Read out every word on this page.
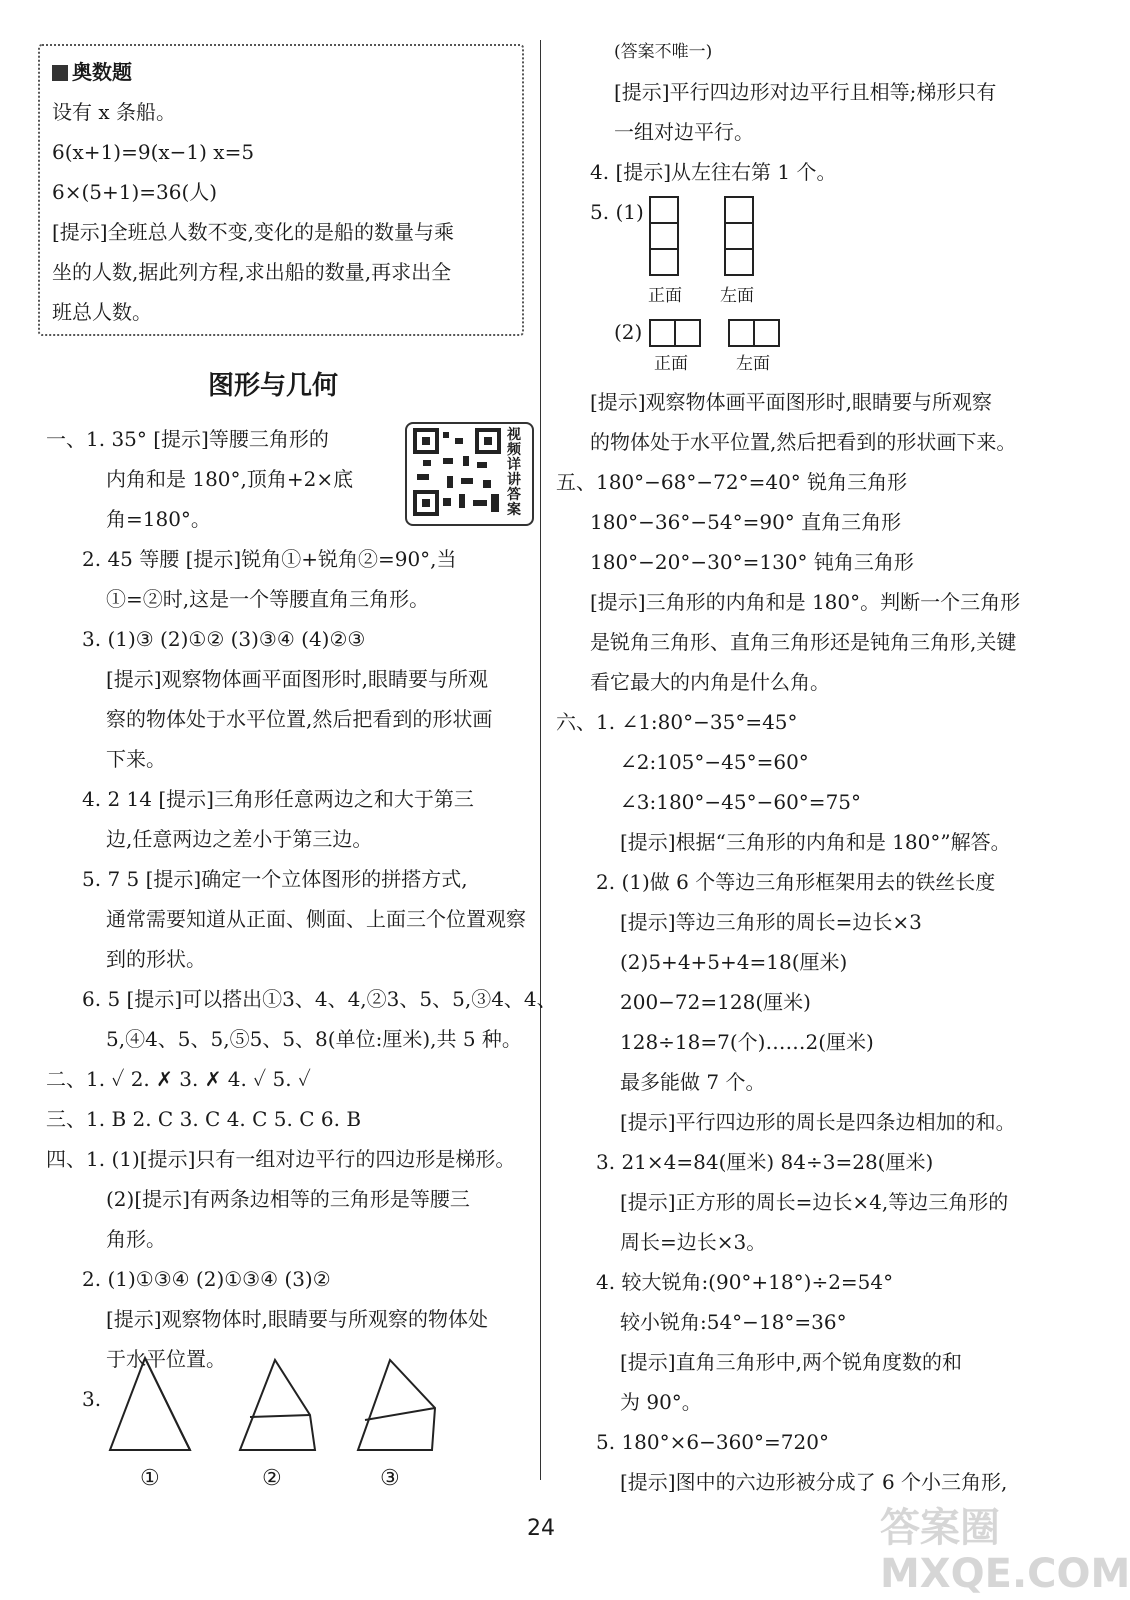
奥数题
设有 x 条船。
6(x+1)=9(x−1) x=5
6×(5+1)=36(人)
[提示]全班总人数不变,变化的是船的数量与乘
坐的人数,据此列方程,求出船的数量,再求出全
班总人数。
图形与几何
视频详讲答案
一、1. 35° [提示]等腰三角形的
内角和是 180°,顶角+2×底
角=180°。
2. 45 等腰 [提示]锐角①+锐角②=90°,当
①=②时,这是一个等腰直角三角形。
3. (1)③ (2)①② (3)③④ (4)②③
[提示]观察物体画平面图形时,眼睛要与所观
察的物体处于水平位置,然后把看到的形状画
下来。
4. 2 14 [提示]三角形任意两边之和大于第三
边,任意两边之差小于第三边。
5. 7 5 [提示]确定一个立体图形的拼搭方式,
通常需要知道从正面、侧面、上面三个位置观察
到的形状。
6. 5 [提示]可以搭出①3、4、4,②3、5、5,③4、4、
5,④4、5、5,⑤5、5、8(单位:厘米),共 5 种。
二、1. ✓ 2. ✗ 3. ✗ 4. ✓ 5. ✓
三、1. B 2. C 3. C 4. C 5. C 6. B
四、1. (1)[提示]只有一组对边平行的四边形是梯形。
(2)[提示]有两条边相等的三角形是等腰三
角形。
2. (1)①③④ (2)①③④ (3)②
[提示]观察物体时,眼睛要与所观察的物体处
于水平位置。
3.
①	②	③
(答案不唯一)
[提示]平行四边形对边平行且相等;梯形只有
一组对边平行。
4. [提示]从左往右第 1 个。
5. (1)
(2)
[提示]观察物体画平面图形时,眼睛要与所观察
的物体处于水平位置,然后把看到的形状画下来。
五、180°−68°−72°=40° 锐角三角形
180°−36°−54°=90° 直角三角形
180°−20°−30°=130° 钝角三角形
[提示]三角形的内角和是 180°。判断一个三角形
是锐角三角形、直角三角形还是钝角三角形,关键
看它最大的内角是什么角。
六、1. ∠1:80°−35°=45°
∠2:105°−45°=60°
∠3:180°−45°−60°=75°
[提示]根据“三角形的内角和是 180°”解答。
2. (1)做 6 个等边三角形框架用去的铁丝长度
[提示]等边三角形的周长=边长×3
(2)5+4+5+4=18(厘米)
200−72=128(厘米)
128÷18=7(个)……2(厘米)
最多能做 7 个。
[提示]平行四边形的周长是四条边相加的和。
3. 21×4=84(厘米) 84÷3=28(厘米)
[提示]正方形的周长=边长×4,等边三角形的
周长=边长×3。
4. 较大锐角:(90°+18°)÷2=54°
较小锐角:54°−18°=36°
[提示]直角三角形中,两个锐角度数的和
为 90°。
5. 180°×6−360°=720°
[提示]图中的六边形被分成了 6 个小三角形,
正面 左面
正面	左面
24	答案圈 MXQE.COM
